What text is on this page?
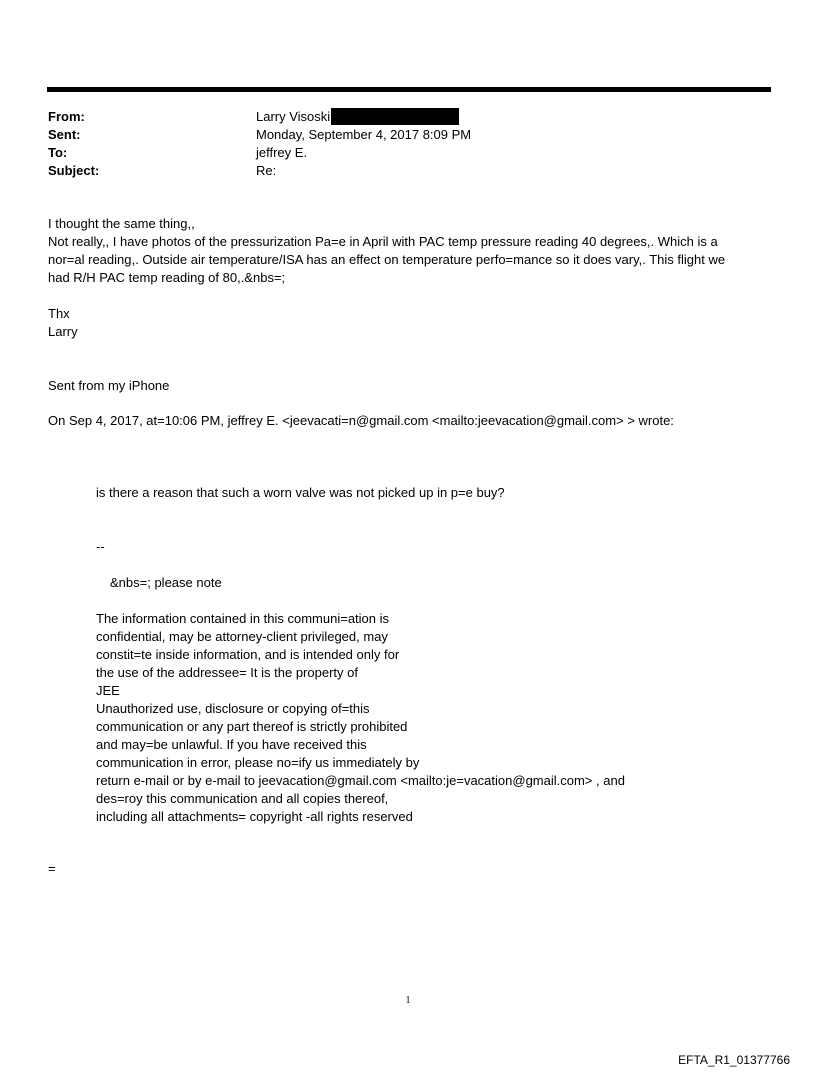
From:	Larry Visoski
Sent:	Monday, September 4, 2017 8:09 PM
To:	jeffrey E.
Subject:	Re:
I thought the same thing,,
Not really,, I have photos of the pressurization Pa=e in April with PAC temp pressure reading 40 degrees,. Which is a
nor=al reading,. Outside air temperature/ISA has an effect on temperature perfo=mance so it does vary,. This flight we
had R/H PAC temp reading of 80,.&nbs=;
Thx
Larry
Sent from my iPhone
On Sep 4, 2017, at=10:06 PM, jeffrey E. <jeevacati=n@gmail.com <mailto:jeevacation@gmail.com> > wrote:
is there a reason that such a worn valve was not picked up in p=e buy?
--
&nbs=; please note
The information contained in this communi=ation is
confidential, may be attorney-client privileged, may
constit=te inside information, and is intended only for
the use of the addressee= It is the property of
JEE
Unauthorized use, disclosure or copying of=this
communication or any part thereof is strictly prohibited
and may=be unlawful. If you have received this
communication in error, please no=ify us immediately by
return e-mail or by e-mail to jeevacation@gmail.com <mailto:je=vacation@gmail.com> , and
des=roy this communication and all copies thereof,
including all attachments= copyright -all rights reserved
=
1
EFTA_R1_01377766
